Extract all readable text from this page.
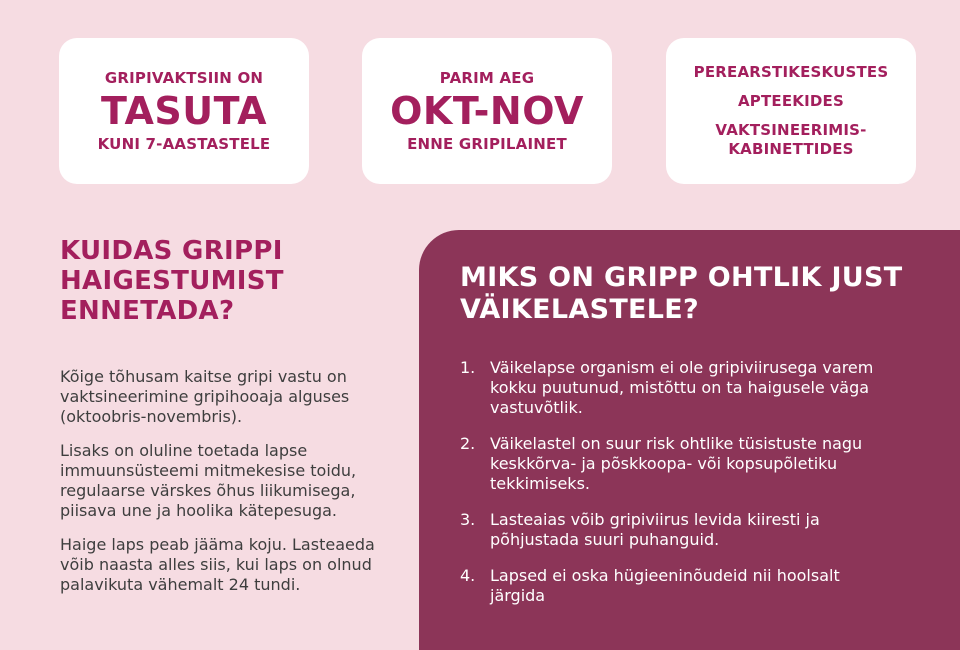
GRIPIVAKTSIIN ON
TASUTA
KUNI 7-AASTASTELE
PARIM AEG
OKT-NOV
ENNE GRIPILAINET
PEREARSTIKESKUSTES
APTEEKIDES
VAKTSINEERIMIS-
KABINETTIDES
KUIDAS GRIPPI
HAIGESTUMIST
ENNETADA?

Kõige tõhusam kaitse gripi vastu on vaktsineerimine gripihooaja alguses (oktoobris-novembris).

Lisaks on oluline toetada lapse immuunsüsteemi mitmekesise toidu, regulaarse värskes õhus liikumisega, piisava une ja hoolika kätepesuga.

Haige laps peab jääma koju. Lasteaeda võib naasta alles siis, kui laps on olnud palavikuta vähemalt 24 tundi.

MIKS ON GRIPP OHTLIK JUST
VÄIKELASTELE?
1. Väikelapse organism ei ole gripiviirusega varem kokku puutunud, mistõttu on ta haigusele väga vastuvõtlik.
2. Väikelastel on suur risk ohtlike tüsistuste nagu keskkõrva- ja põskkoopa- või kopsupõletiku tekkimiseks.
3. Lasteaias võib gripiviirus levida kiiresti ja põhjustada suuri puhanguid.
4. Lapsed ei oska hügieeninõudeid nii hoolsalt järgida
